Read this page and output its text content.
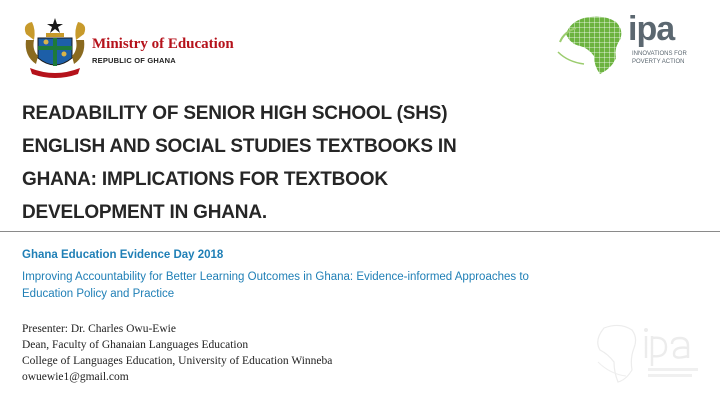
Ministry of Education
REPUBLIC OF GHANA
ipa
INNOVATIONS FOR
POVERTY ACTION
READABILITY OF SENIOR HIGH SCHOOL (SHS)
ENGLISH AND SOCIAL STUDIES TEXTBOOKS IN
GHANA: IMPLICATIONS FOR TEXTBOOK
DEVELOPMENT IN GHANA.
Ghana Education Evidence Day 2018
Improving Accountability for Better Learning Outcomes in Ghana: Evidence-informed Approaches to
Education Policy and Practice
Presenter: Dr. Charles Owu-Ewie
Dean, Faculty of Ghanaian Languages Education
College of Languages Education, University of Education Winneba
owuewie1@gmail.com
